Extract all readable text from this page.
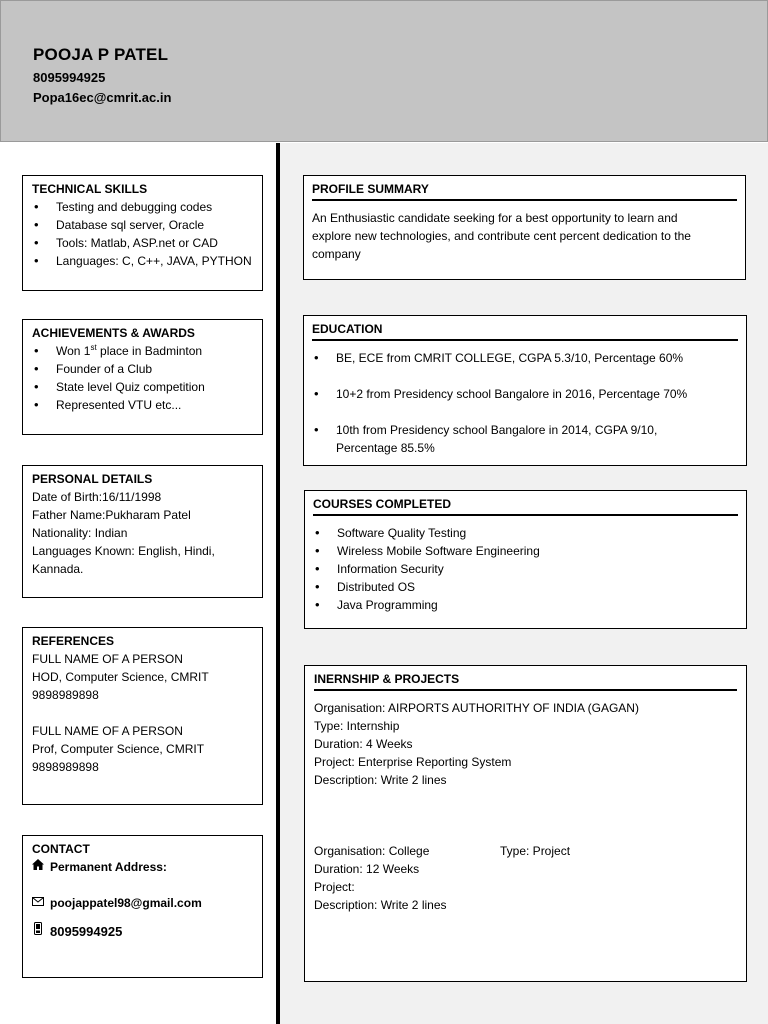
POOJA P PATEL
8095994925
Popa16ec@cmrit.ac.in
TECHNICAL SKILLS
• Testing and debugging codes
• Database sql server, Oracle
• Tools: Matlab, ASP.net or CAD
• Languages: C, C++, JAVA, PYTHON
ACHIEVEMENTS & AWARDS
• Won 1st place in Badminton
• Founder of a Club
• State level Quiz competition
• Represented VTU etc...
PERSONAL DETAILS
Date of Birth:16/11/1998
Father Name:Pukharam Patel
Nationality: Indian
Languages Known: English, Hindi,
Kannada.
REFERENCES
FULL NAME OF A PERSON
HOD, Computer Science, CMRIT
9898989898
FULL NAME OF A PERSON
Prof, Computer Science, CMRIT
9898989898
CONTACT
Permanent Address:
poojappatel98@gmail.com
8095994925
PROFILE SUMMARY
An Enthusiastic candidate seeking for a best opportunity to learn and
explore new technologies, and contribute cent percent dedication to the
company
EDUCATION
• BE, ECE from CMRIT COLLEGE, CGPA 5.3/10, Percentage 60%
• 10+2 from Presidency school Bangalore in 2016, Percentage 70%
• 10th from Presidency school Bangalore in 2014, CGPA 9/10,
Percentage 85.5%
COURSES COMPLETED
• Software Quality Testing
• Wireless Mobile Software Engineering
• Information Security
• Distributed OS
• Java Programming
INERNSHIP & PROJECTS
Organisation: AIRPORTS AUTHORITHY OF INDIA (GAGAN)
Type: Internship
Duration: 4 Weeks
Project: Enterprise Reporting System
Description: Write 2 lines
Organisation: College	Type: Project
Duration: 12 Weeks
Project:
Description: Write 2 lines
